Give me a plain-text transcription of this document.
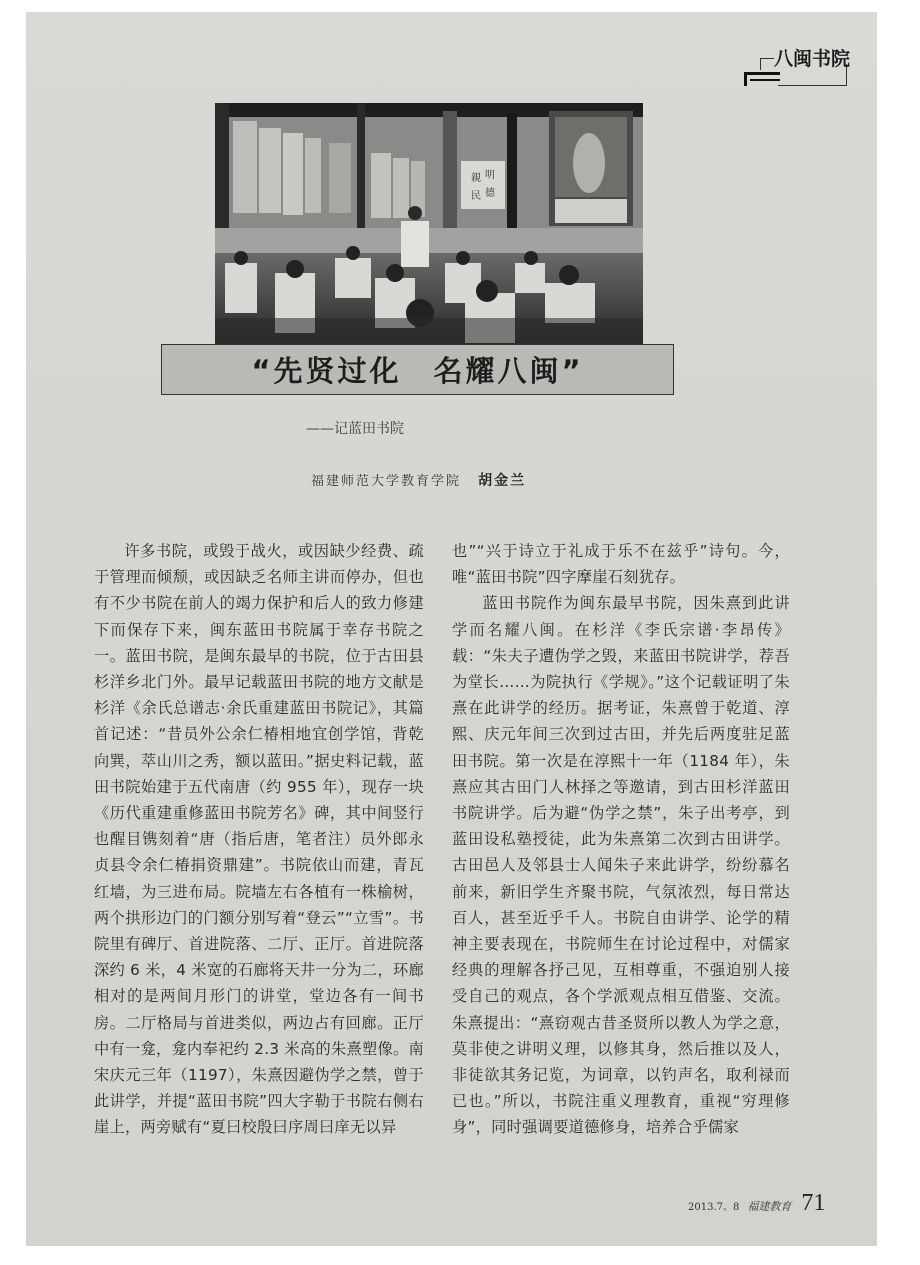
八闽书院
親 明
民 德
“先贤过化　名耀八闽”
——记蓝田书院
福建师范大学教育学院 胡金兰

许多书院，或毁于战火，或因缺少经费、疏于管理而倾颓，或因缺乏名师主讲而停办，但也有不少书院在前人的竭力保护和后人的致力修建下而保存下来，闽东蓝田书院属于幸存书院之一。蓝田书院，是闽东最早的书院，位于古田县杉洋乡北门外。最早记载蓝田书院的地方文献是杉洋《余氏总谱志·余氏重建蓝田书院记》，其篇首记述：“昔员外公余仁椿相地宜创学馆，背乾向巽，萃山川之秀，额以蓝田。”据史料记载，蓝田书院始建于五代南唐（约 955 年），现存一块《历代重建重修蓝田书院芳名》碑，其中间竖行也醒目镌刻着“唐（指后唐，笔者注）员外郎永贞县令余仁椿捐资鼎建”。书院依山而建，青瓦红墙，为三进布局。院墙左右各植有一株榆树，两个拱形边门的门额分别写着“登云”“立雪”。书院里有碑厅、首进院落、二厅、正厅。首进院落深约 6 米，4 米宽的石廊将天井一分为二，环廊相对的是两间月形门的讲堂，堂边各有一间书房。二厅格局与首进类似，两边占有回廊。正厅中有一龛，龛内奉祀约 2.3 米高的朱熹塑像。南宋庆元三年（1197），朱熹因避伪学之禁，曾于此讲学，并提“蓝田书院”四大字勒于书院右侧右崖上，两旁赋有“夏曰校殷曰序周曰庠无以异

也”“兴于诗立于礼成于乐不在兹乎”诗句。今，唯“蓝田书院”四字摩崖石刻犹存。

蓝田书院作为闽东最早书院，因朱熹到此讲学而名耀八闽。在杉洋《李氏宗谱·李昂传》载：“朱夫子遭伪学之毁，来蓝田书院讲学，荐吾为堂长……为院执行《学规》。”这个记载证明了朱熹在此讲学的经历。据考证，朱熹曾于乾道、淳熙、庆元年间三次到过古田，并先后两度驻足蓝田书院。第一次是在淳熙十一年（1184 年），朱熹应其古田门人林择之等邀请，到古田杉洋蓝田书院讲学。后为避“伪学之禁”，朱子出考亭，到蓝田设私塾授徒，此为朱熹第二次到古田讲学。古田邑人及邻县士人闻朱子来此讲学，纷纷慕名前来，新旧学生齐聚书院，气氛浓烈，每日常达百人，甚至近乎千人。书院自由讲学、论学的精神主要表现在，书院师生在讨论过程中，对儒家经典的理解各抒己见，互相尊重，不强迫别人接受自己的观点，各个学派观点相互借鉴、交流。朱熹提出：“熹窃观古昔圣贤所以教人为学之意，莫非使之讲明义理，以修其身，然后推以及人，非徒欲其务记览，为词章，以钓声名，取利禄而已也。”所以，书院注重义理教育，重视“穷理修身”，同时强调要道德修身，培养合乎儒家

2013.7、8 福建教育 71
